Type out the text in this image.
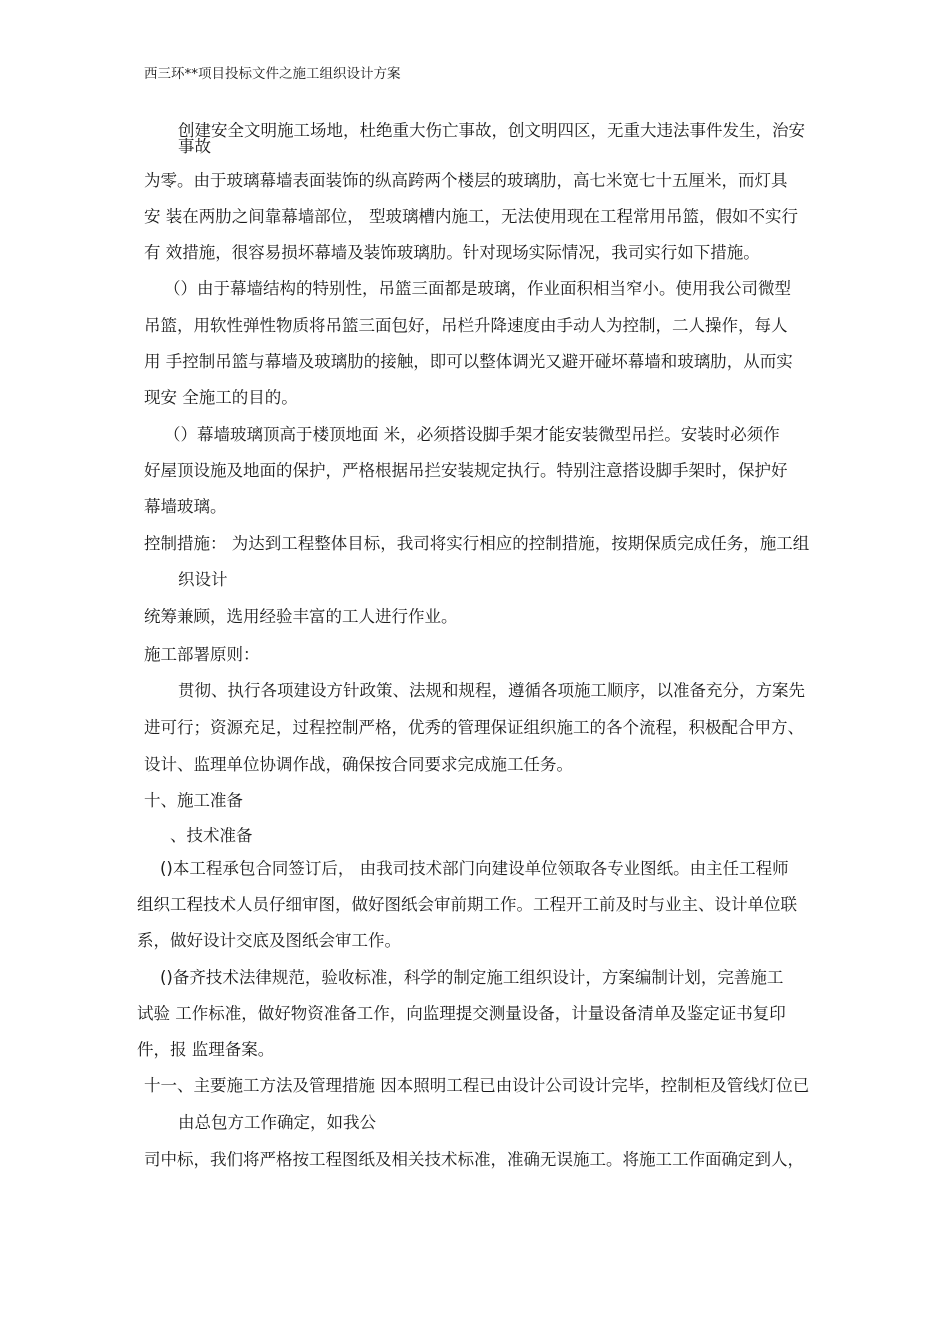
西三环**项目投标文件之施工组织设计方案
创建安全文明施工场地，杜绝重大伤亡事故，创文明四区，无重大违法事件发生，治安
事故
为零。由于玻璃幕墙表面装饰的纵高跨两个楼层的玻璃肋，高七米宽七十五厘米，而灯具
安 装在两肋之间靠幕墙部位， 型玻璃槽内施工，无法使用现在工程常用吊篮，假如不实行
有 效措施，很容易损坏幕墙及装饰玻璃肋。针对现场实际情况，我司实行如下措施。
（）由于幕墙结构的特别性，吊篮三面都是玻璃，作业面积相当窄小。使用我公司微型
吊篮，用软性弹性物质将吊篮三面包好，吊栏升降速度由手动人为控制，二人操作，每人
用 手控制吊篮与幕墙及玻璃肋的接触，即可以整体调光又避开碰坏幕墙和玻璃肋，从而实
现安 全施工的目的。
（）幕墙玻璃顶高于楼顶地面 米，必须搭设脚手架才能安装微型吊拦。安装时必须作
好屋顶设施及地面的保护，严格根据吊拦安装规定执行。特别注意搭设脚手架时，保护好
幕墙玻璃。
控制措施： 为达到工程整体目标，我司将实行相应的控制措施，按期保质完成任务，施工组
织设计
统筹兼顾，选用经验丰富的工人进行作业。
施工部署原则：
贯彻、执行各项建设方针政策、法规和规程，遵循各项施工顺序，以准备充分，方案先
进可行；资源充足，过程控制严格，优秀的管理保证组织施工的各个流程，积极配合甲方、
设计、监理单位协调作战，确保按合同要求完成施工任务。
十、施工准备
、技术准备
()本工程承包合同签订后， 由我司技术部门向建设单位领取各专业图纸。由主任工程师
组织工程技术人员仔细审图，做好图纸会审前期工作。工程开工前及时与业主、设计单位联
系，做好设计交底及图纸会审工作。
()备齐技术法律规范，验收标准，科学的制定施工组织设计，方案编制计划，完善施工
试验 工作标准，做好物资准备工作，向监理提交测量设备，计量设备清单及鉴定证书复印
件，报 监理备案。
十一、主要施工方法及管理措施 因本照明工程已由设计公司设计完毕，控制柜及管线灯位已
由总包方工作确定，如我公
司中标，我们将严格按工程图纸及相关技术标准，准确无误施工。将施工工作面确定到人，
